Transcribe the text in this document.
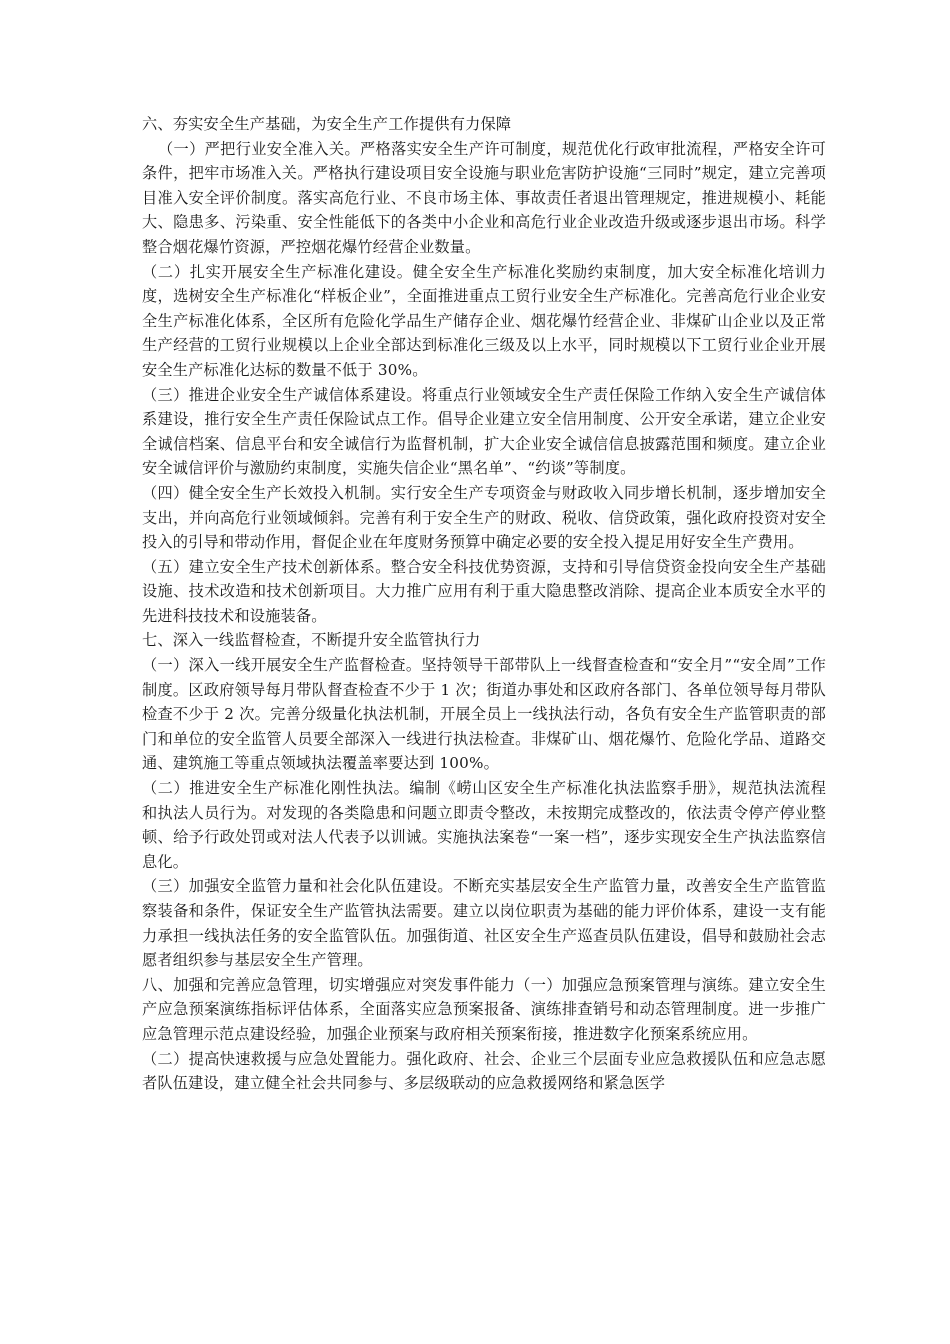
六、夯实安全生产基础，为安全生产工作提供有力保障

（一）严把行业安全准入关。严格落实安全生产许可制度，规范优化行政审批流程，严格安全许可条件，把牢市场准入关。严格执行建设项目安全设施与职业危害防护设施“三同时”规定，建立完善项目准入安全评价制度。落实高危行业、不良市场主体、事故责任者退出管理规定，推进规模小、耗能大、隐患多、污染重、安全性能低下的各类中小企业和高危行业企业改造升级或逐步退出市场。科学整合烟花爆竹资源，严控烟花爆竹经营企业数量。

（二）扎实开展安全生产标准化建设。健全安全生产标准化奖励约束制度，加大安全标准化培训力度，选树安全生产标准化“样板企业”，全面推进重点工贸行业安全生产标准化。完善高危行业企业安全生产标准化体系，全区所有危险化学品生产储存企业、烟花爆竹经营企业、非煤矿山企业以及正常生产经营的工贸行业规模以上企业全部达到标准化三级及以上水平，同时规模以下工贸行业企业开展安全生产标准化达标的数量不低于 30%。

（三）推进企业安全生产诚信体系建设。将重点行业领域安全生产责任保险工作纳入安全生产诚信体系建设，推行安全生产责任保险试点工作。倡导企业建立安全信用制度、公开安全承诺，建立企业安全诚信档案、信息平台和安全诚信行为监督机制，扩大企业安全诚信信息披露范围和频度。建立企业安全诚信评价与激励约束制度，实施失信企业“黑名单”、“约谈”等制度。

（四）健全安全生产长效投入机制。实行安全生产专项资金与财政收入同步增长机制，逐步增加安全支出，并向高危行业领域倾斜。完善有利于安全生产的财政、税收、信贷政策，强化政府投资对安全投入的引导和带动作用，督促企业在年度财务预算中确定必要的安全投入提足用好安全生产费用。

（五）建立安全生产技术创新体系。整合安全科技优势资源，支持和引导信贷资金投向安全生产基础设施、技术改造和技术创新项目。大力推广应用有利于重大隐患整改消除、提高企业本质安全水平的先进科技技术和设施装备。

七、深入一线监督检查，不断提升安全监管执行力

（一）深入一线开展安全生产监督检查。坚持领导干部带队上一线督查检查和“安全月”“安全周”工作制度。区政府领导每月带队督查检查不少于 1 次；街道办事处和区政府各部门、各单位领导每月带队检查不少于 2 次。完善分级量化执法机制，开展全员上一线执法行动，各负有安全生产监管职责的部门和单位的安全监管人员要全部深入一线进行执法检查。非煤矿山、烟花爆竹、危险化学品、道路交通、建筑施工等重点领域执法覆盖率要达到 100%。

（二）推进安全生产标准化刚性执法。编制《崂山区安全生产标准化执法监察手册》，规范执法流程和执法人员行为。对发现的各类隐患和问题立即责令整改，未按期完成整改的，依法责令停产停业整顿、给予行政处罚或对法人代表予以训诫。实施执法案卷“一案一档”，逐步实现安全生产执法监察信息化。

（三）加强安全监管力量和社会化队伍建设。不断充实基层安全生产监管力量，改善安全生产监管监察装备和条件，保证安全生产监管执法需要。建立以岗位职责为基础的能力评价体系，建设一支有能力承担一线执法任务的安全监管队伍。加强街道、社区安全生产巡查员队伍建设，倡导和鼓励社会志愿者组织参与基层安全生产管理。

八、加强和完善应急管理，切实增强应对突发事件能力（一）加强应急预案管理与演练。建立安全生产应急预案演练指标评估体系，全面落实应急预案报备、演练排查销号和动态管理制度。进一步推广应急管理示范点建设经验，加强企业预案与政府相关预案衔接，推进数字化预案系统应用。

（二）提高快速救援与应急处置能力。强化政府、社会、企业三个层面专业应急救援队伍和应急志愿者队伍建设，建立健全社会共同参与、多层级联动的应急救援网络和紧急医学
